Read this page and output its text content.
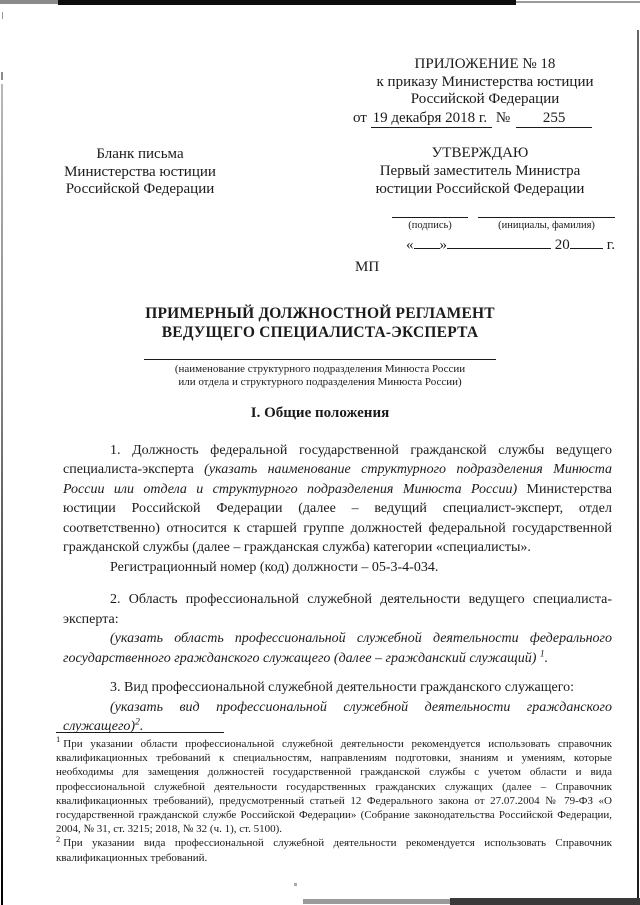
ПРИЛОЖЕНИЕ № 18
к приказу Министерства юстиции
Российской Федерации
от 19 декабря 2018 г. № 255
Бланк письма
Министерства юстиции
Российской Федерации
УТВЕРЖДАЮ
Первый заместитель Министра
юстиции Российской Федерации
(подпись)	(инициалы, фамилия)
« »	20 г.
МП
ПРИМЕРНЫЙ ДОЛЖНОСТНОЙ РЕГЛАМЕНТ
ВЕДУЩЕГО СПЕЦИАЛИСТА-ЭКСПЕРТА
(наименование структурного подразделения Минюста России
или отдела и структурного подразделения Минюста России)
I. Общие положения

1. Должность федеральной государственной гражданской службы ведущего специалиста-эксперта (указать наименование структурного подразделения Минюста России или отдела и структурного подразделения Минюста России) Министерства юстиции Российской Федерации (далее – ведущий специалист-эксперт, отдел соответственно) относится к старшей группе должностей федеральной государственной гражданской службы (далее – гражданская служба) категории «специалисты».

Регистрационный номер (код) должности – 05-3-4-034.

2. Область профессиональной служебной деятельности ведущего специалиста-эксперта:

(указать область профессиональной служебной деятельности федерального государственного гражданского служащего (далее – гражданский служащий) $^1$.

3. Вид профессиональной служебной деятельности гражданского служащего:

(указать вид профессиональной служебной деятельности гражданского служащего)$^2$.

$^1$ При указании области профессиональной служебной деятельности рекомендуется использовать справочник квалификационных требований к специальностям, направлениям подготовки, знаниям и умениям, которые необходимы для замещения должностей государственной гражданской службы с учетом области и вида профессиональной служебной деятельности государственных гражданских служащих (далее – Справочник квалификационных требований), предусмотренный статьей 12 Федерального закона от 27.07.2004 № 79-ФЗ «О государственной гражданской службе Российской Федерации» (Собрание законодательства Российской Федерации, 2004, № 31, ст. 3215; 2018, № 32 (ч. 1), ст. 5100).

$^2$ При указании вида профессиональной служебной деятельности рекомендуется использовать Справочник квалификационных требований.
